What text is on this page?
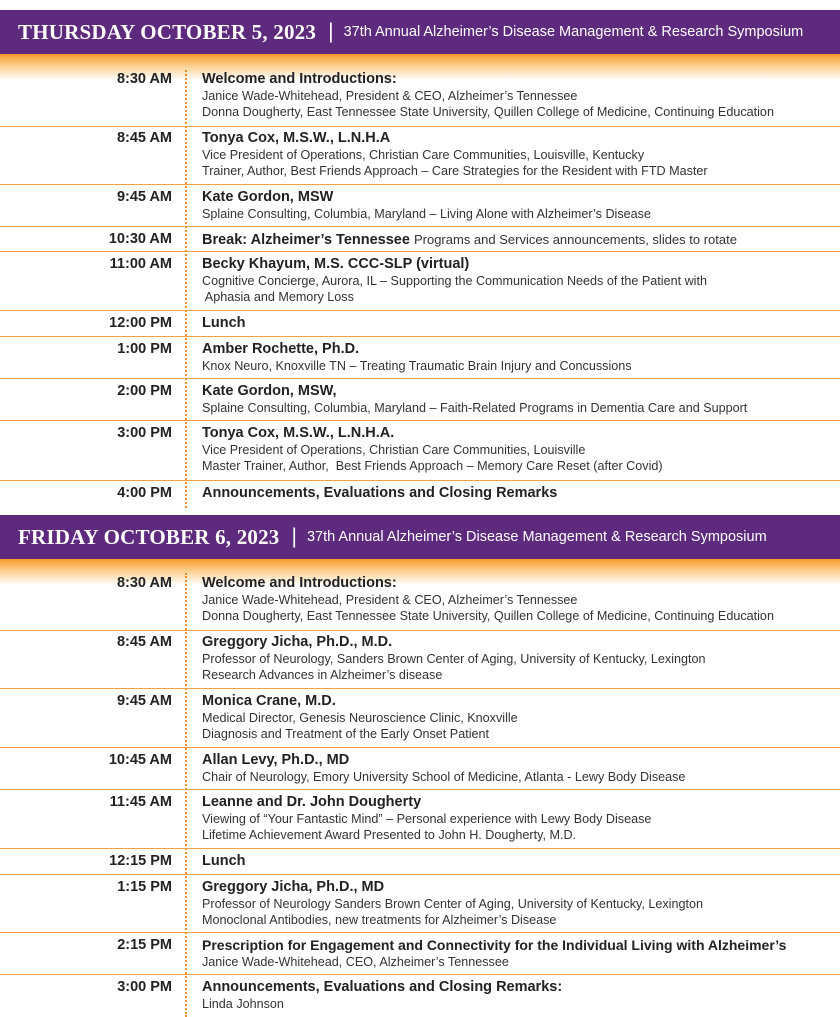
THURSDAY OCTOBER 5, 2023 | 37th Annual Alzheimer’s Disease Management & Research Symposium
8:30 AM Welcome and Introductions:
Janice Wade-Whitehead, President & CEO, Alzheimer’s Tennessee
Donna Dougherty, East Tennessee State University, Quillen College of Medicine, Continuing Education
8:45 AM Tonya Cox, M.S.W., L.N.H.A
Vice President of Operations, Christian Care Communities, Louisville, Kentucky
Trainer, Author, Best Friends Approach – Care Strategies for the Resident with FTD Master
9:45 AM Kate Gordon, MSW
Splaine Consulting, Columbia, Maryland – Living Alone with Alzheimer’s Disease
10:30 AM Break: Alzheimer’s Tennessee Programs and Services announcements, slides to rotate
11:00 AM Becky Khayum, M.S. CCC-SLP (virtual)
Cognitive Concierge, Aurora, IL – Supporting the Communication Needs of the Patient with
Aphasia and Memory Loss
12:00 PM Lunch
1:00 PM Amber Rochette, Ph.D.
Knox Neuro, Knoxville TN – Treating Traumatic Brain Injury and Concussions
2:00 PM Kate Gordon, MSW,
Splaine Consulting, Columbia, Maryland – Faith-Related Programs in Dementia Care and Support
3:00 PM Tonya Cox, M.S.W., L.N.H.A.
Vice President of Operations, Christian Care Communities, Louisville
Master Trainer, Author,  Best Friends Approach – Memory Care Reset (after Covid)
4:00 PM Announcements, Evaluations and Closing Remarks
FRIDAY OCTOBER 6, 2023 | 37th Annual Alzheimer’s Disease Management & Research Symposium
8:30 AM Welcome and Introductions:
Janice Wade-Whitehead, President & CEO, Alzheimer’s Tennessee
Donna Dougherty, East Tennessee State University, Quillen College of Medicine, Continuing Education
8:45 AM Greggory Jicha, Ph.D., M.D.
Professor of Neurology, Sanders Brown Center of Aging, University of Kentucky, Lexington
Research Advances in Alzheimer’s disease
9:45 AM Monica Crane, M.D.
Medical Director, Genesis Neuroscience Clinic, Knoxville
Diagnosis and Treatment of the Early Onset Patient
10:45 AM Allan Levy, Ph.D., MD
Chair of Neurology, Emory University School of Medicine, Atlanta - Lewy Body Disease
11:45 AM Leanne and Dr. John Dougherty
Viewing of “Your Fantastic Mind” – Personal experience with Lewy Body Disease
Lifetime Achievement Award Presented to John H. Dougherty, M.D.
12:15 PM Lunch
1:15 PM Greggory Jicha, Ph.D., MD
Professor of Neurology Sanders Brown Center of Aging, University of Kentucky, Lexington
Monoclonal Antibodies, new treatments for Alzheimer’s Disease
2:15 PM Prescription for Engagement and Connectivity for the Individual Living with Alzheimer’s
Janice Wade-Whitehead, CEO, Alzheimer’s Tennessee
3:00 PM Announcements, Evaluations and Closing Remarks:
Linda Johnson
